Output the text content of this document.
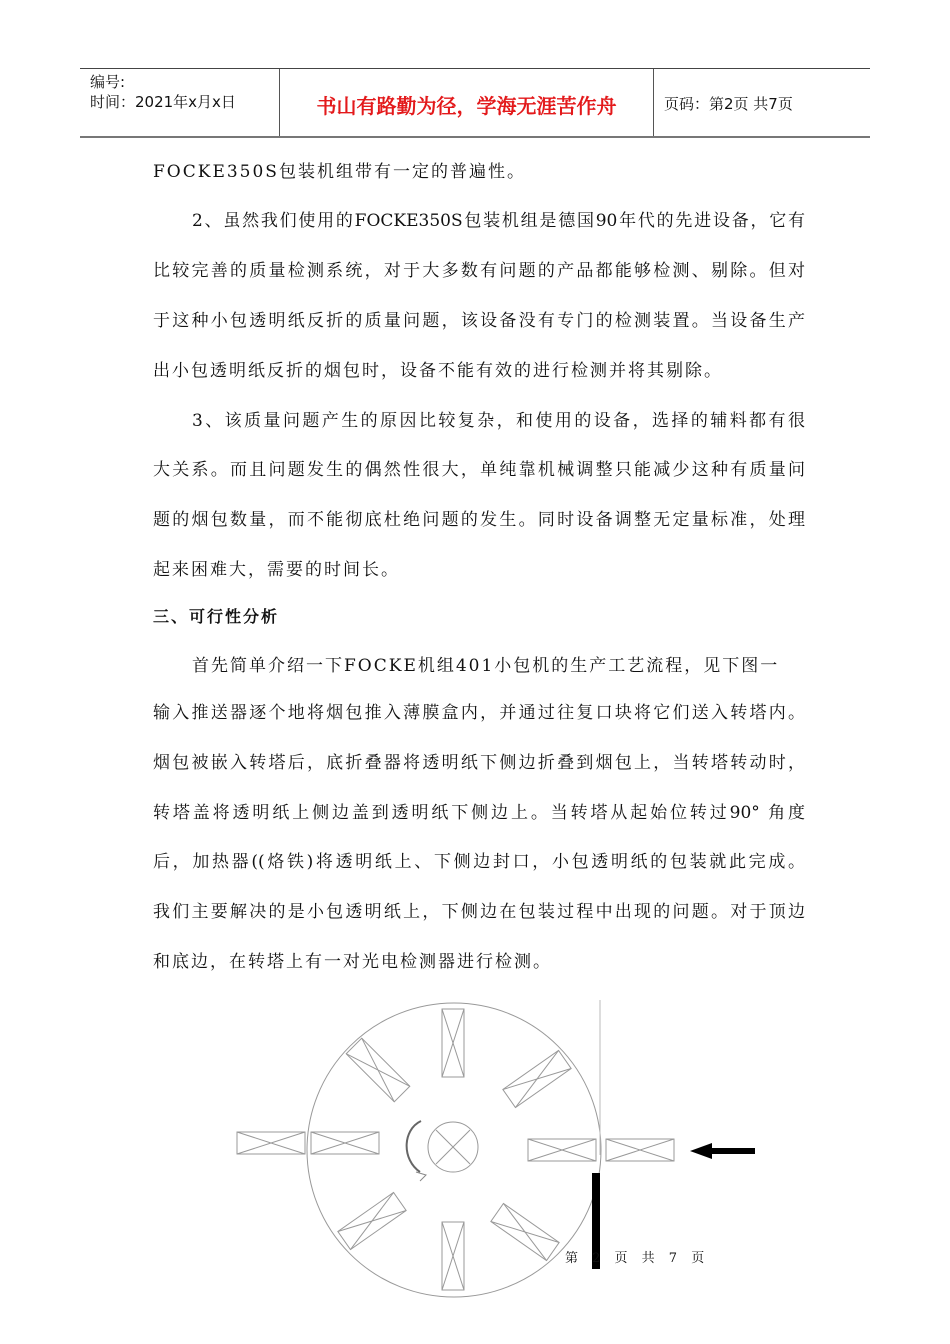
编号:
时间：2021年x月x日	书山有路勤为径，学海无涯苦作舟	页码：第2页 共7页
FOCKE350S包装机组带有一定的普遍性。
2、虽然我们使用的FOCKE350S包装机组是德国90年代的先进设备，它有
比较完善的质量检测系统，对于大多数有问题的产品都能够检测、剔除。但对
于这种小包透明纸反折的质量问题，该设备没有专门的检测装置。当设备生产
出小包透明纸反折的烟包时，设备不能有效的进行检测并将其剔除。
3、该质量问题产生的原因比较复杂，和使用的设备，选择的辅料都有很
大关系。而且问题发生的偶然性很大，单纯靠机械调整只能减少这种有质量问
题的烟包数量，而不能彻底杜绝问题的发生。同时设备调整无定量标准，处理
起来困难大，需要的时间长。
三、可行性分析
首先简单介绍一下FOCKE机组401小包机的生产工艺流程，见下图一
输入推送器逐个地将烟包推入薄膜盒内，并通过往复口块将它们送入转塔内。
烟包被嵌入转塔后，底折叠器将透明纸下侧边折叠到烟包上，当转塔转动时，
转塔盖将透明纸上侧边盖到透明纸下侧边上。当转塔从起始位转过90° 角度
后，加热器((烙铁)将透明纸上、下侧边封口，小包透明纸的包装就此完成。
我们主要解决的是小包透明纸上，下侧边在包装过程中出现的问题。对于顶边
和底边，在转塔上有一对光电检测器进行检测。
第 2 页 共 7 页
